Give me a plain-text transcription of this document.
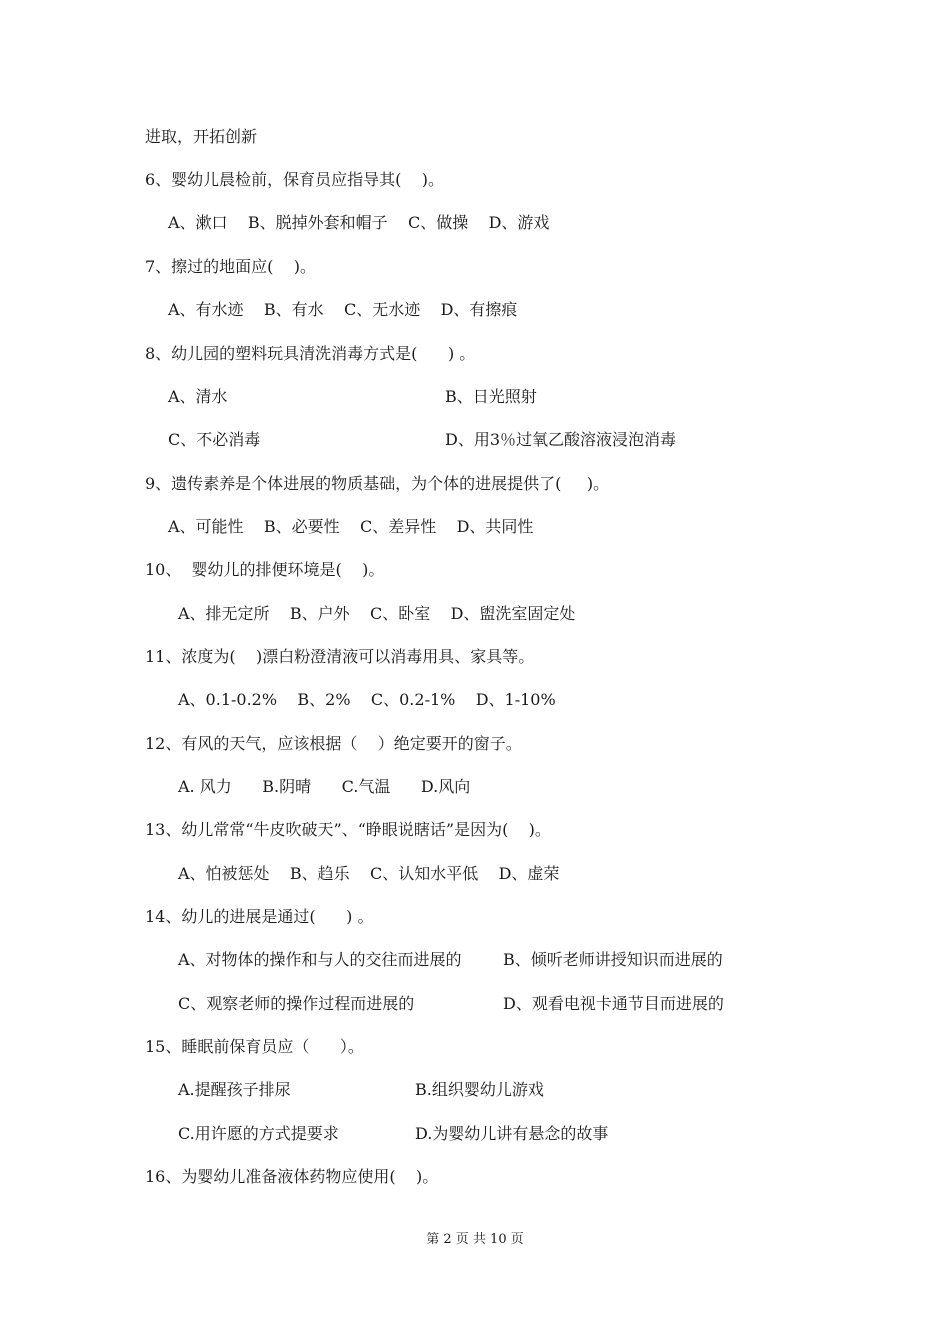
进取，开拓创新
6、婴幼儿晨检前，保育员应指导其(    )。
A、漱口    B、脱掉外套和帽子    C、做操    D、游戏
7、擦过的地面应(    )。
A、有水迹    B、有水    C、无水迹    D、有擦痕
8、幼儿园的塑料玩具清洗消毒方式是(      ) 。
A、清水	B、日光照射
C、不必消毒	D、用3％过氧乙酸溶液浸泡消毒
9、遗传素养是个体进展的物质基础，为个体的进展提供了(     )。
A、可能性    B、必要性    C、差异性    D、共同性
10、  婴幼儿的排便环境是(    )。
A、排无定所    B、户外    C、卧室    D、盥洗室固定处
11、浓度为(    )漂白粉澄清液可以消毒用具、家具等。
A、0.1-0.2%    B、2%    C、0.2-1%    D、1-10%
12、有风的天气，应该根据（    ）绝定要开的窗子。
A. 风力      B.阴晴      C.气温      D.风向
13、幼儿常常“牛皮吹破天”、“睁眼说瞎话”是因为(    )。
A、怕被惩处    B、趋乐    C、认知水平低    D、虚荣
14、幼儿的进展是通过(      ) 。
A、对物体的操作和与人的交往而进展的	B、倾听老师讲授知识而进展的
C、观察老师的操作过程而进展的	D、观看电视卡通节目而进展的
15、睡眠前保育员应（      ）。
A.提醒孩子排尿	B.组织婴幼儿游戏
C.用许愿的方式提要求	D.为婴幼儿讲有悬念的故事
16、为婴幼儿准备液体药物应使用(    )。
第 2 页 共 10 页
